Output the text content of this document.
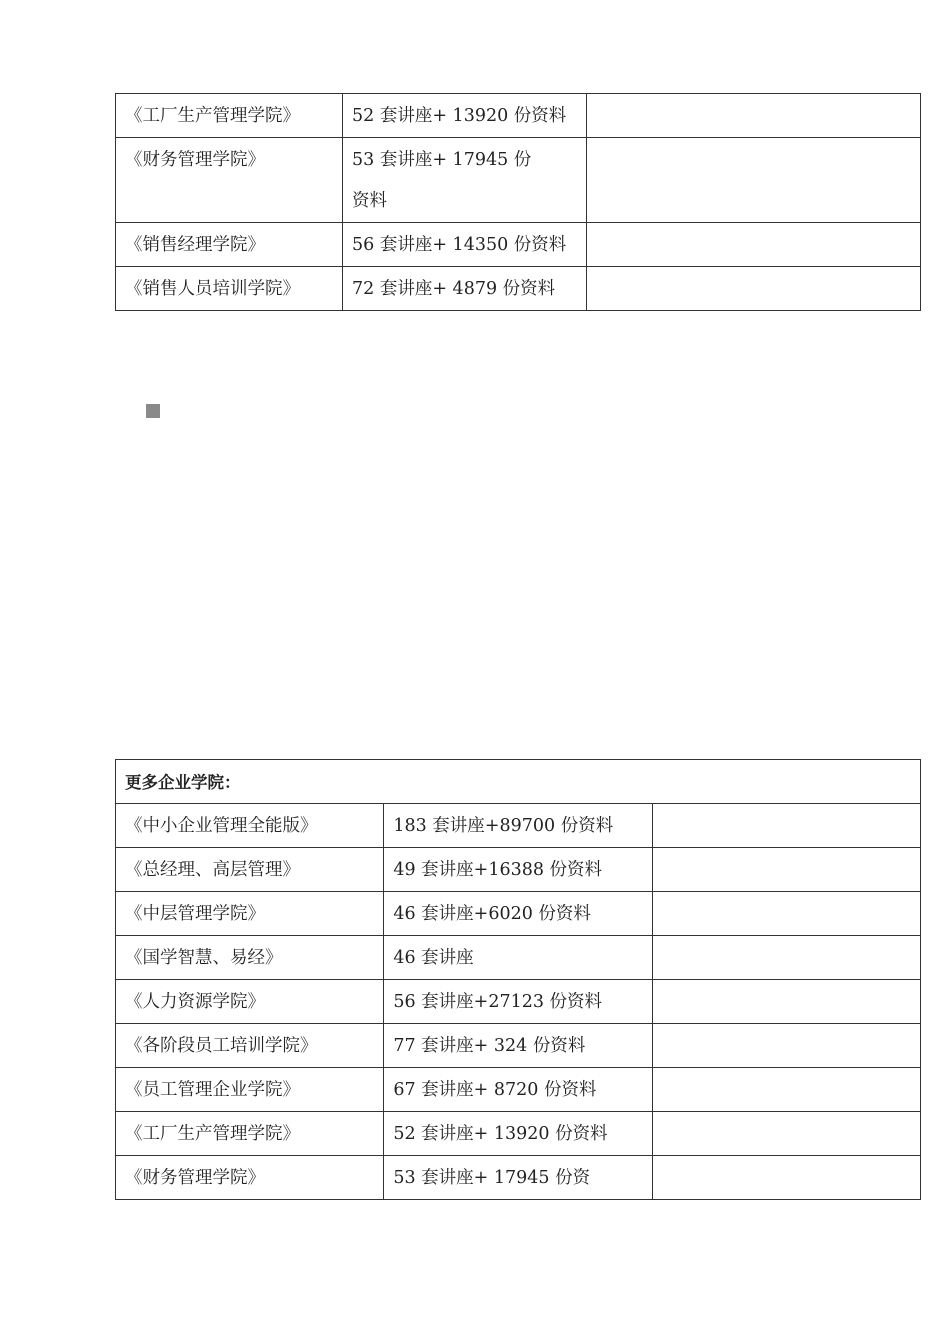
《工厂生产管理学院》	52 套讲座+ 13920 份资料	
《财务管理学院》	53 套讲座+ 17945 份资料	
《销售经理学院》	56 套讲座+ 14350 份资料	
《销售人员培训学院》	72 套讲座+ 4879 份资料	
更多企业学院：		
《中小企业管理全能版》	183 套讲座+89700 份资料	
《总经理、高层管理》	49 套讲座+16388 份资料	
《中层管理学院》	46 套讲座+6020 份资料	
《国学智慧、易经》	46 套讲座	
《人力资源学院》	56 套讲座+27123 份资料	
《各阶段员工培训学院》	77 套讲座+ 324 份资料	
《员工管理企业学院》	67 套讲座+ 8720 份资料	
《工厂生产管理学院》	52 套讲座+ 13920 份资料	
《财务管理学院》	53 套讲座+ 17945 份资	
